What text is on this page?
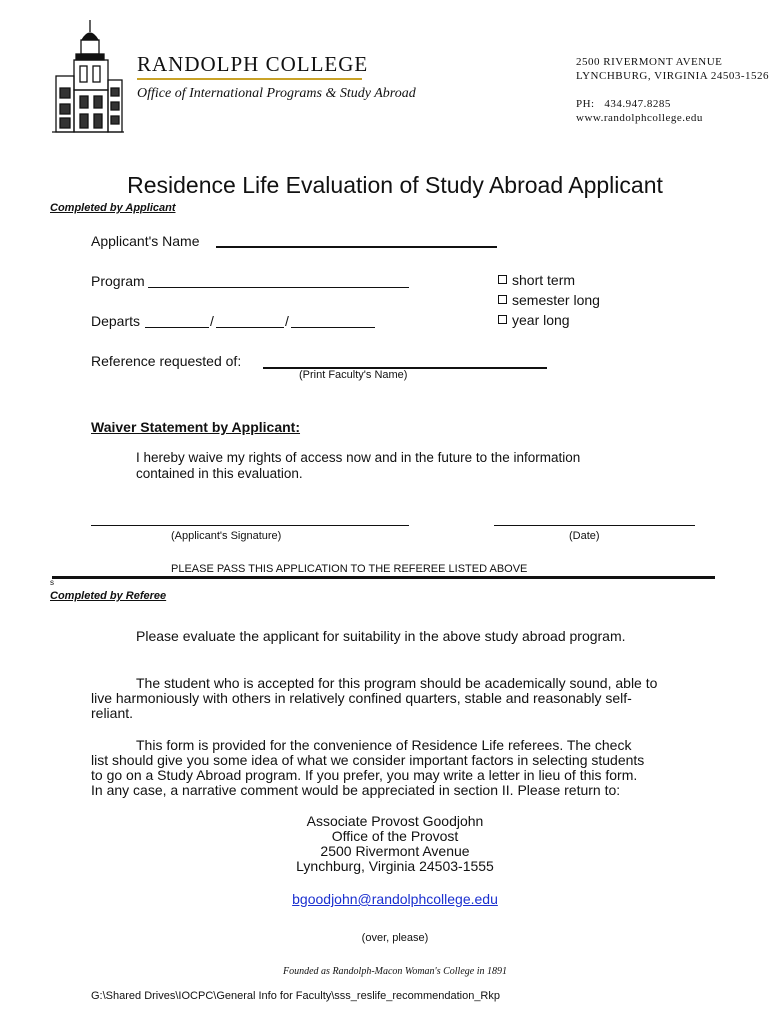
RANDOLPH COLLEGE
Office of International Programs & Study Abroad
2500 RIVERMONT AVENUE
LYNCHBURG, VIRGINIA 24503-1526
PH: 434.947.8285
www.randolphcollege.edu
Residence Life Evaluation of Study Abroad Applicant
Completed by Applicant
Applicant's Name
Program
Departs	/	/
short term
semester long
year long
Reference requested of:
(Print Faculty's Name)
Waiver Statement by Applicant:
I hereby waive my rights of access now and in the future to the information
contained in this evaluation.
(Applicant's Signature)	(Date)
PLEASE PASS THIS APPLICATION TO THE REFEREE LISTED ABOVE
s
Completed by Referee
Please evaluate the applicant for suitability in the above study abroad program.
The student who is accepted for this program should be academically sound, able to
live harmoniously with others in relatively confined quarters, stable and reasonably self-
reliant.
This form is provided for the convenience of Residence Life referees. The check
list should give you some idea of what we consider important factors in selecting students
to go on a Study Abroad program. If you prefer, you may write a letter in lieu of this form.
In any case, a narrative comment would be appreciated in section II. Please return to:
Associate Provost Goodjohn
Office of the Provost
2500 Rivermont Avenue
Lynchburg, Virginia 24503-1555
bgoodjohn@randolphcollege.edu
(over, please)
Founded as Randolph-Macon Woman's College in 1891
G:\Shared Drives\IOCPC\General Info for Faculty\sss_reslife_recommendation_Rkp
